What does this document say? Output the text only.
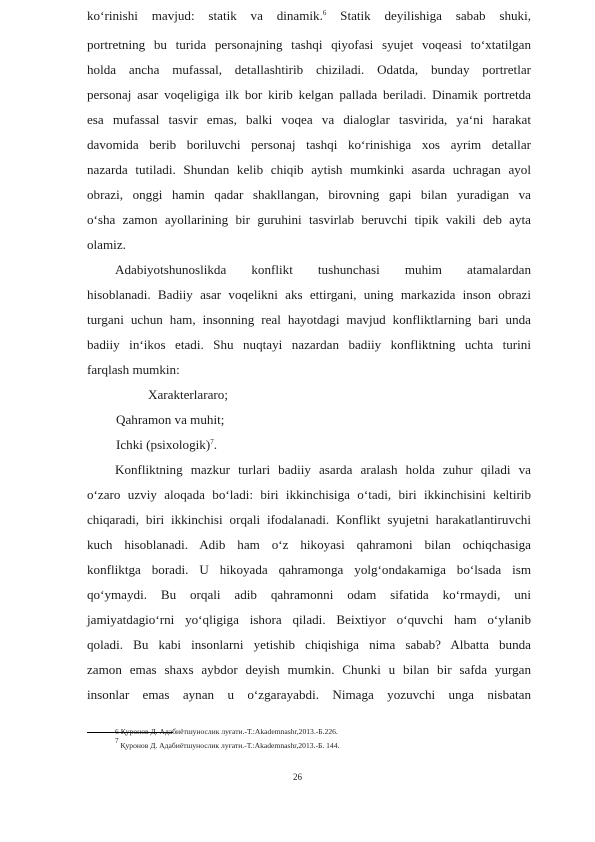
ko‘rinishi mavjud: statik va dinamik.$^6$ Statik deyilishiga sabab shuki,
portretning bu turida personajning tashqi qiyofasi syujet voqeasi to‘xtatilgan
holda ancha mufassal, detallashtirib chiziladi. Odatda, bunday portretlar
personaj asar voqeligiga ilk bor kirib kelgan pallada beriladi. Dinamik portretda
esa mufassal tasvir emas, balki voqea va dialoglar tasvirida, ya‘ni harakat
davomida berib boriluvchi personaj tashqi ko‘rinishiga xos ayrim detallar
nazarda tutiladi. Shundan kelib chiqib aytish mumkinki asarda uchragan ayol
obrazi, onggi hamin qadar shakllangan, birovning gapi bilan yuradigan va
o‘sha zamon ayollarining bir guruhini tasvirlab beruvchi tipik vakili deb ayta
olamiz.
Adabiyotshunoslikda konflikt tushunchasi muhim atamalardan
hisoblanadi. Badiiy asar voqelikni aks ettirgani, uning markazida inson obrazi
turgani uchun ham, insonning real hayotdagi mavjud konfliktlarning bari unda
badiiy in‘ikos etadi. Shu nuqtayi nazardan badiiy konfliktning uchta turini
farqlash mumkin:
Xarakterlararo;
Qahramon va muhit;
Ichki (psixologik)$^7$.
Konfliktning mazkur turlari badiiy asarda aralash holda zuhur qiladi va
o‘zaro uzviy aloqada bo‘ladi: biri ikkinchisiga o‘tadi, biri ikkinchisini keltirib
chiqaradi, biri ikkinchisi orqali ifodalanadi. Konflikt syujetni harakatlantiruvchi
kuch hisoblanadi. Adib ham o‘z hikoyasi qahramoni bilan ochiqchasiga
konfliktga boradi. U hikoyada qahramonga yolg‘ondakamiga bo‘lsada ism
qo‘ymaydi. Bu orqali adib qahramonni odam sifatida ko‘rmaydi, uni
jamiyatdagio‘rni yo‘qligiga ishora qiladi. Beixtiyor o‘quvchi ham o‘ylanib
qoladi. Bu kabi insonlarni yetishib chiqishiga nima sabab? Albatta bunda
zamon emas shaxs aybdor deyish mumkin. Chunki u bilan bir safda yurgan
insonlar emas aynan u o‘zgarayabdi. Nimaga yozuvchi unga nisbatan
6 Қуронов Д. Адабиётшунослик луғати.-Т.:Akademnashr,2013.-Б.226.
$^7$ Қуронов Д. Адабиётшунослик луғати.-Т.:Akademnashr,2013.-Б. 144.
26
